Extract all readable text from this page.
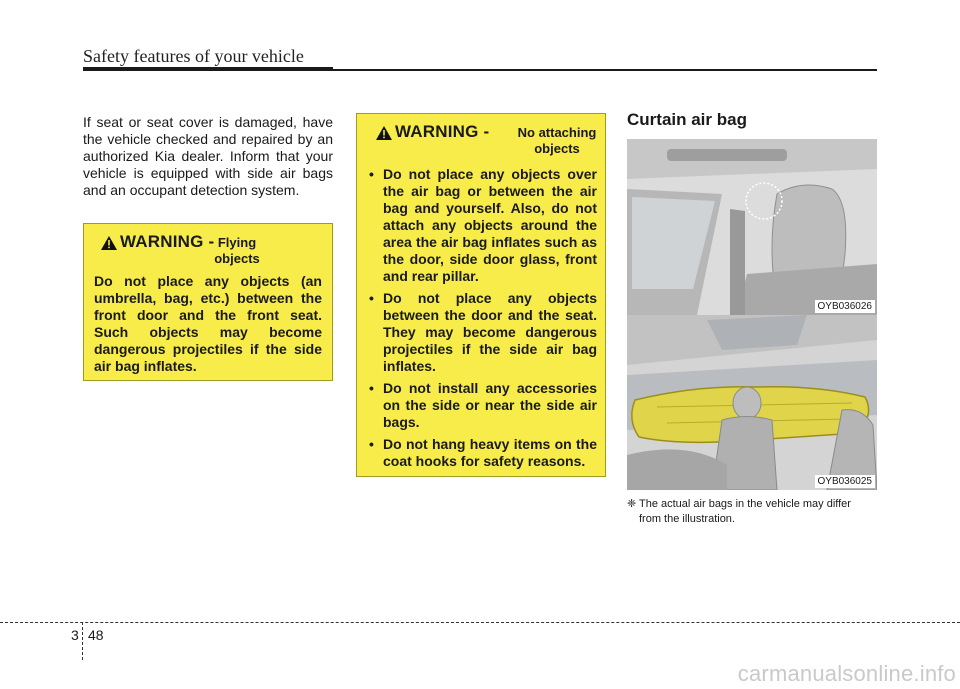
Safety features of your vehicle
If seat or seat cover is damaged, have the vehicle checked and repaired by an authorized Kia dealer. Inform that your vehicle is equipped with side air bags and an occupant detection system.
WARNING - Flying objects
Do not place any objects (an umbrella, bag, etc.) between the front door and the front seat. Such objects may become dangerous projectiles if the side air bag inflates.
WARNING -	No attaching objects
• Do not place any objects over the air bag or between the air bag and yourself. Also, do not attach any objects around the area the air bag inflates such as the door, side door glass, front and rear pillar.
• Do not place any objects between the door and the seat. They may become dangerous projectiles if the side air bag inflates.
• Do not install any accessories on the side or near the side air bags.
• Do not hang heavy items on the coat hooks for safety reasons.
Curtain air bag
OYB036026
OYB036025
❈ The actual air bags in the vehicle may differ
from the illustration.
3 48
carmanualsonline.info
